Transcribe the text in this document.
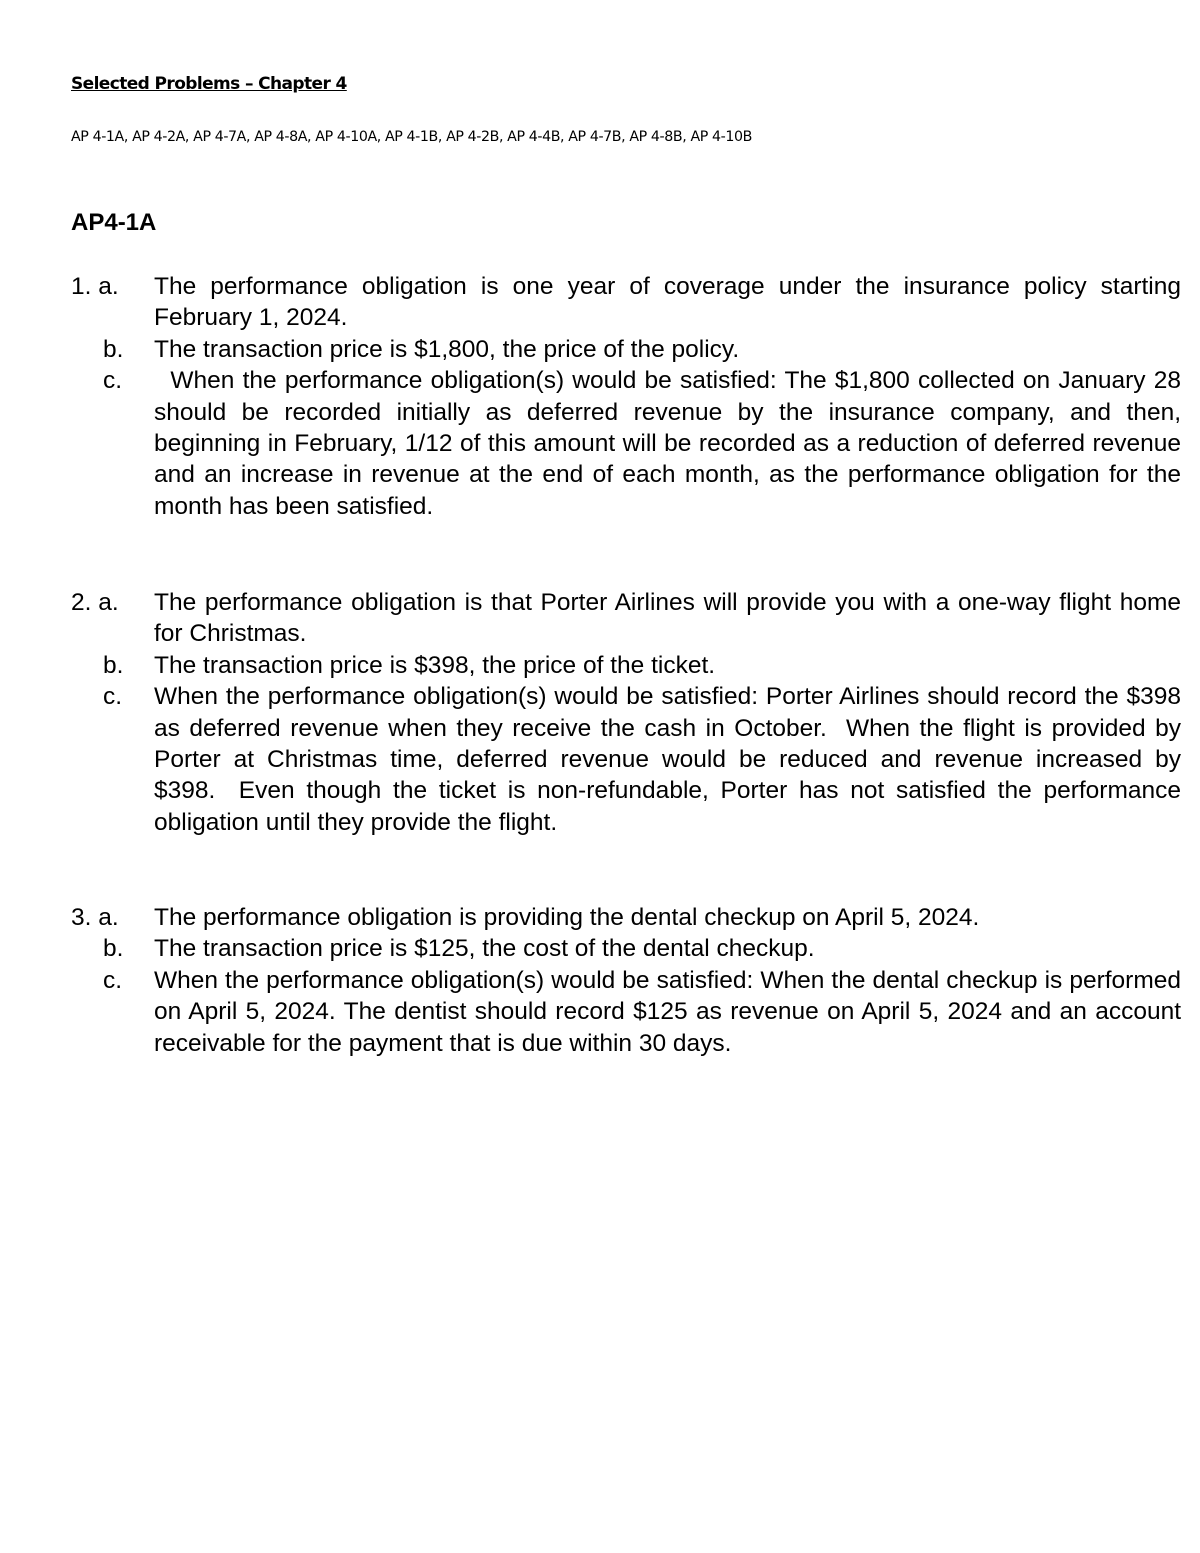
Selected Problems – Chapter 4
AP 4-1A, AP 4-2A, AP 4-7A, AP 4-8A, AP 4-10A, AP 4-1B, AP 4-2B, AP 4-4B, AP 4-7B, AP 4-8B, AP 4-10B
AP4-1A
1. a.	The performance obligation is one year of coverage under the insurance policy starting February 1, 2024.
b.	The transaction price is $1,800, the price of the policy.
c.	When the performance obligation(s) would be satisfied: The $1,800 collected on January 28 should be recorded initially as deferred revenue by the insurance company, and then, beginning in February, 1/12 of this amount will be recorded as a reduction of deferred revenue and an increase in revenue at the end of each month, as the performance obligation for the month has been satisfied.
2. a.	The performance obligation is that Porter Airlines will provide you with a one-way flight home for Christmas.
b.	The transaction price is $398, the price of the ticket.
c.	When the performance obligation(s) would be satisfied: Porter Airlines should record the $398 as deferred revenue when they receive the cash in October.  When the flight is provided by Porter at Christmas time, deferred revenue would be reduced and revenue increased by $398.  Even though the ticket is non-refundable, Porter has not satisfied the performance obligation until they provide the flight.
3. a.	The performance obligation is providing the dental checkup on April 5, 2024.
b.	The transaction price is $125, the cost of the dental checkup.
c.	When the performance obligation(s) would be satisfied: When the dental checkup is performed on April 5, 2024. The dentist should record $125 as revenue on April 5, 2024 and an account receivable for the payment that is due within 30 days.
